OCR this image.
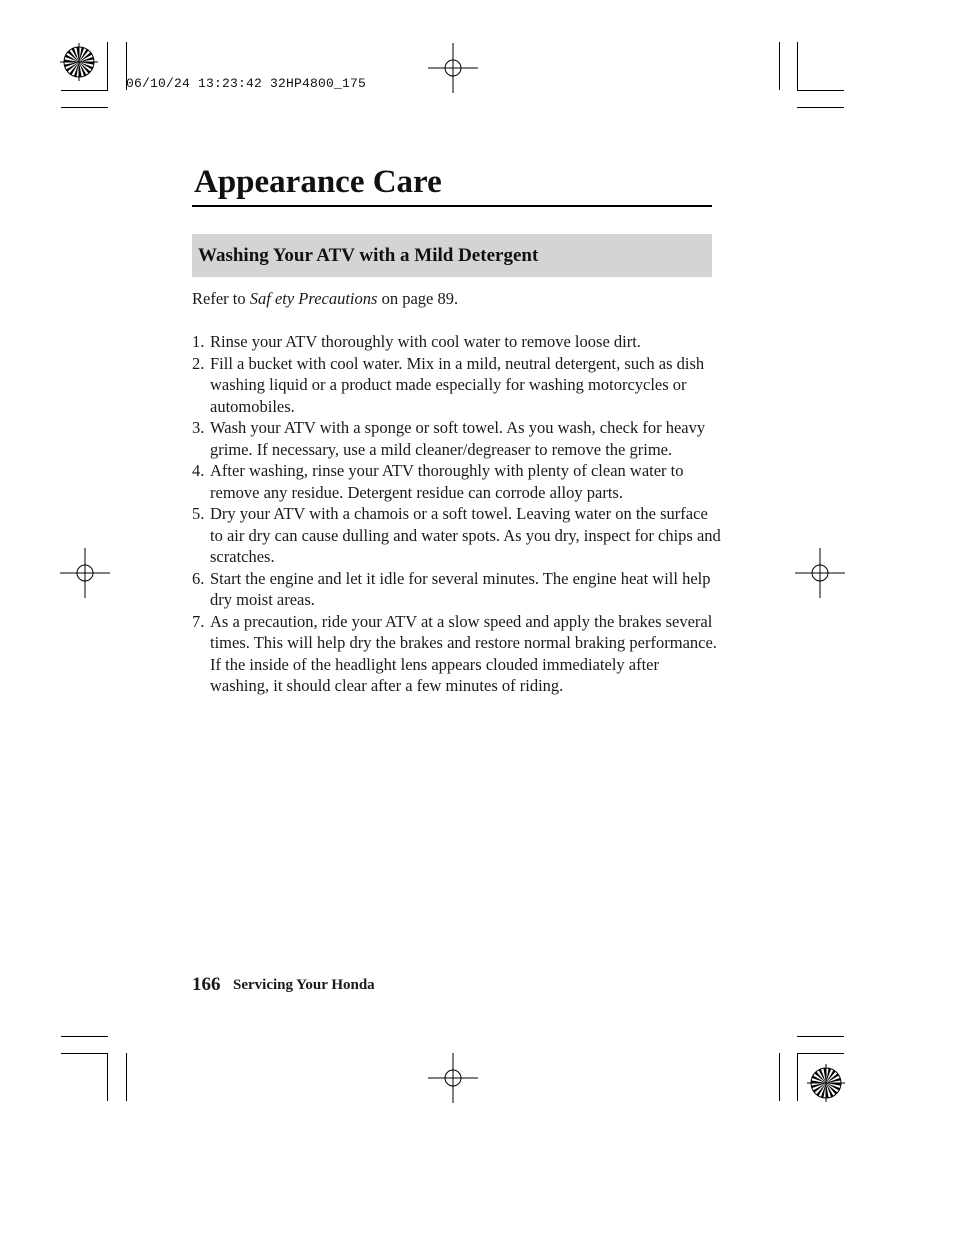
06/10/24 13:23:42 32HP4800_175
Appearance Care
Washing Your ATV with a Mild Detergent
Refer to Saf ety Precautions on page 89.
1. Rinse your ATV thoroughly with cool water to remove loose dirt.
2. Fill a bucket with cool water. Mix in a mild, neutral detergent, such as dish washing liquid or a product made especially for washing motorcycles or automobiles.
3. Wash your ATV with a sponge or soft towel. As you wash, check for heavy grime. If necessary, use a mild cleaner/degreaser to remove the grime.
4. After washing, rinse your ATV thoroughly with plenty of clean water to remove any residue. Detergent residue can corrode alloy parts.
5. Dry your ATV with a chamois or a soft towel. Leaving water on the surface to air dry can cause dulling and water spots. As you dry, inspect for chips and scratches.
6. Start the engine and let it idle for several minutes. The engine heat will help dry moist areas.
7. As a precaution, ride your ATV at a slow speed and apply the brakes several times. This will help dry the brakes and restore normal braking performance.
If the inside of the headlight lens appears clouded immediately after washing, it should clear after a few minutes of riding.
166 Servicing Your Honda
